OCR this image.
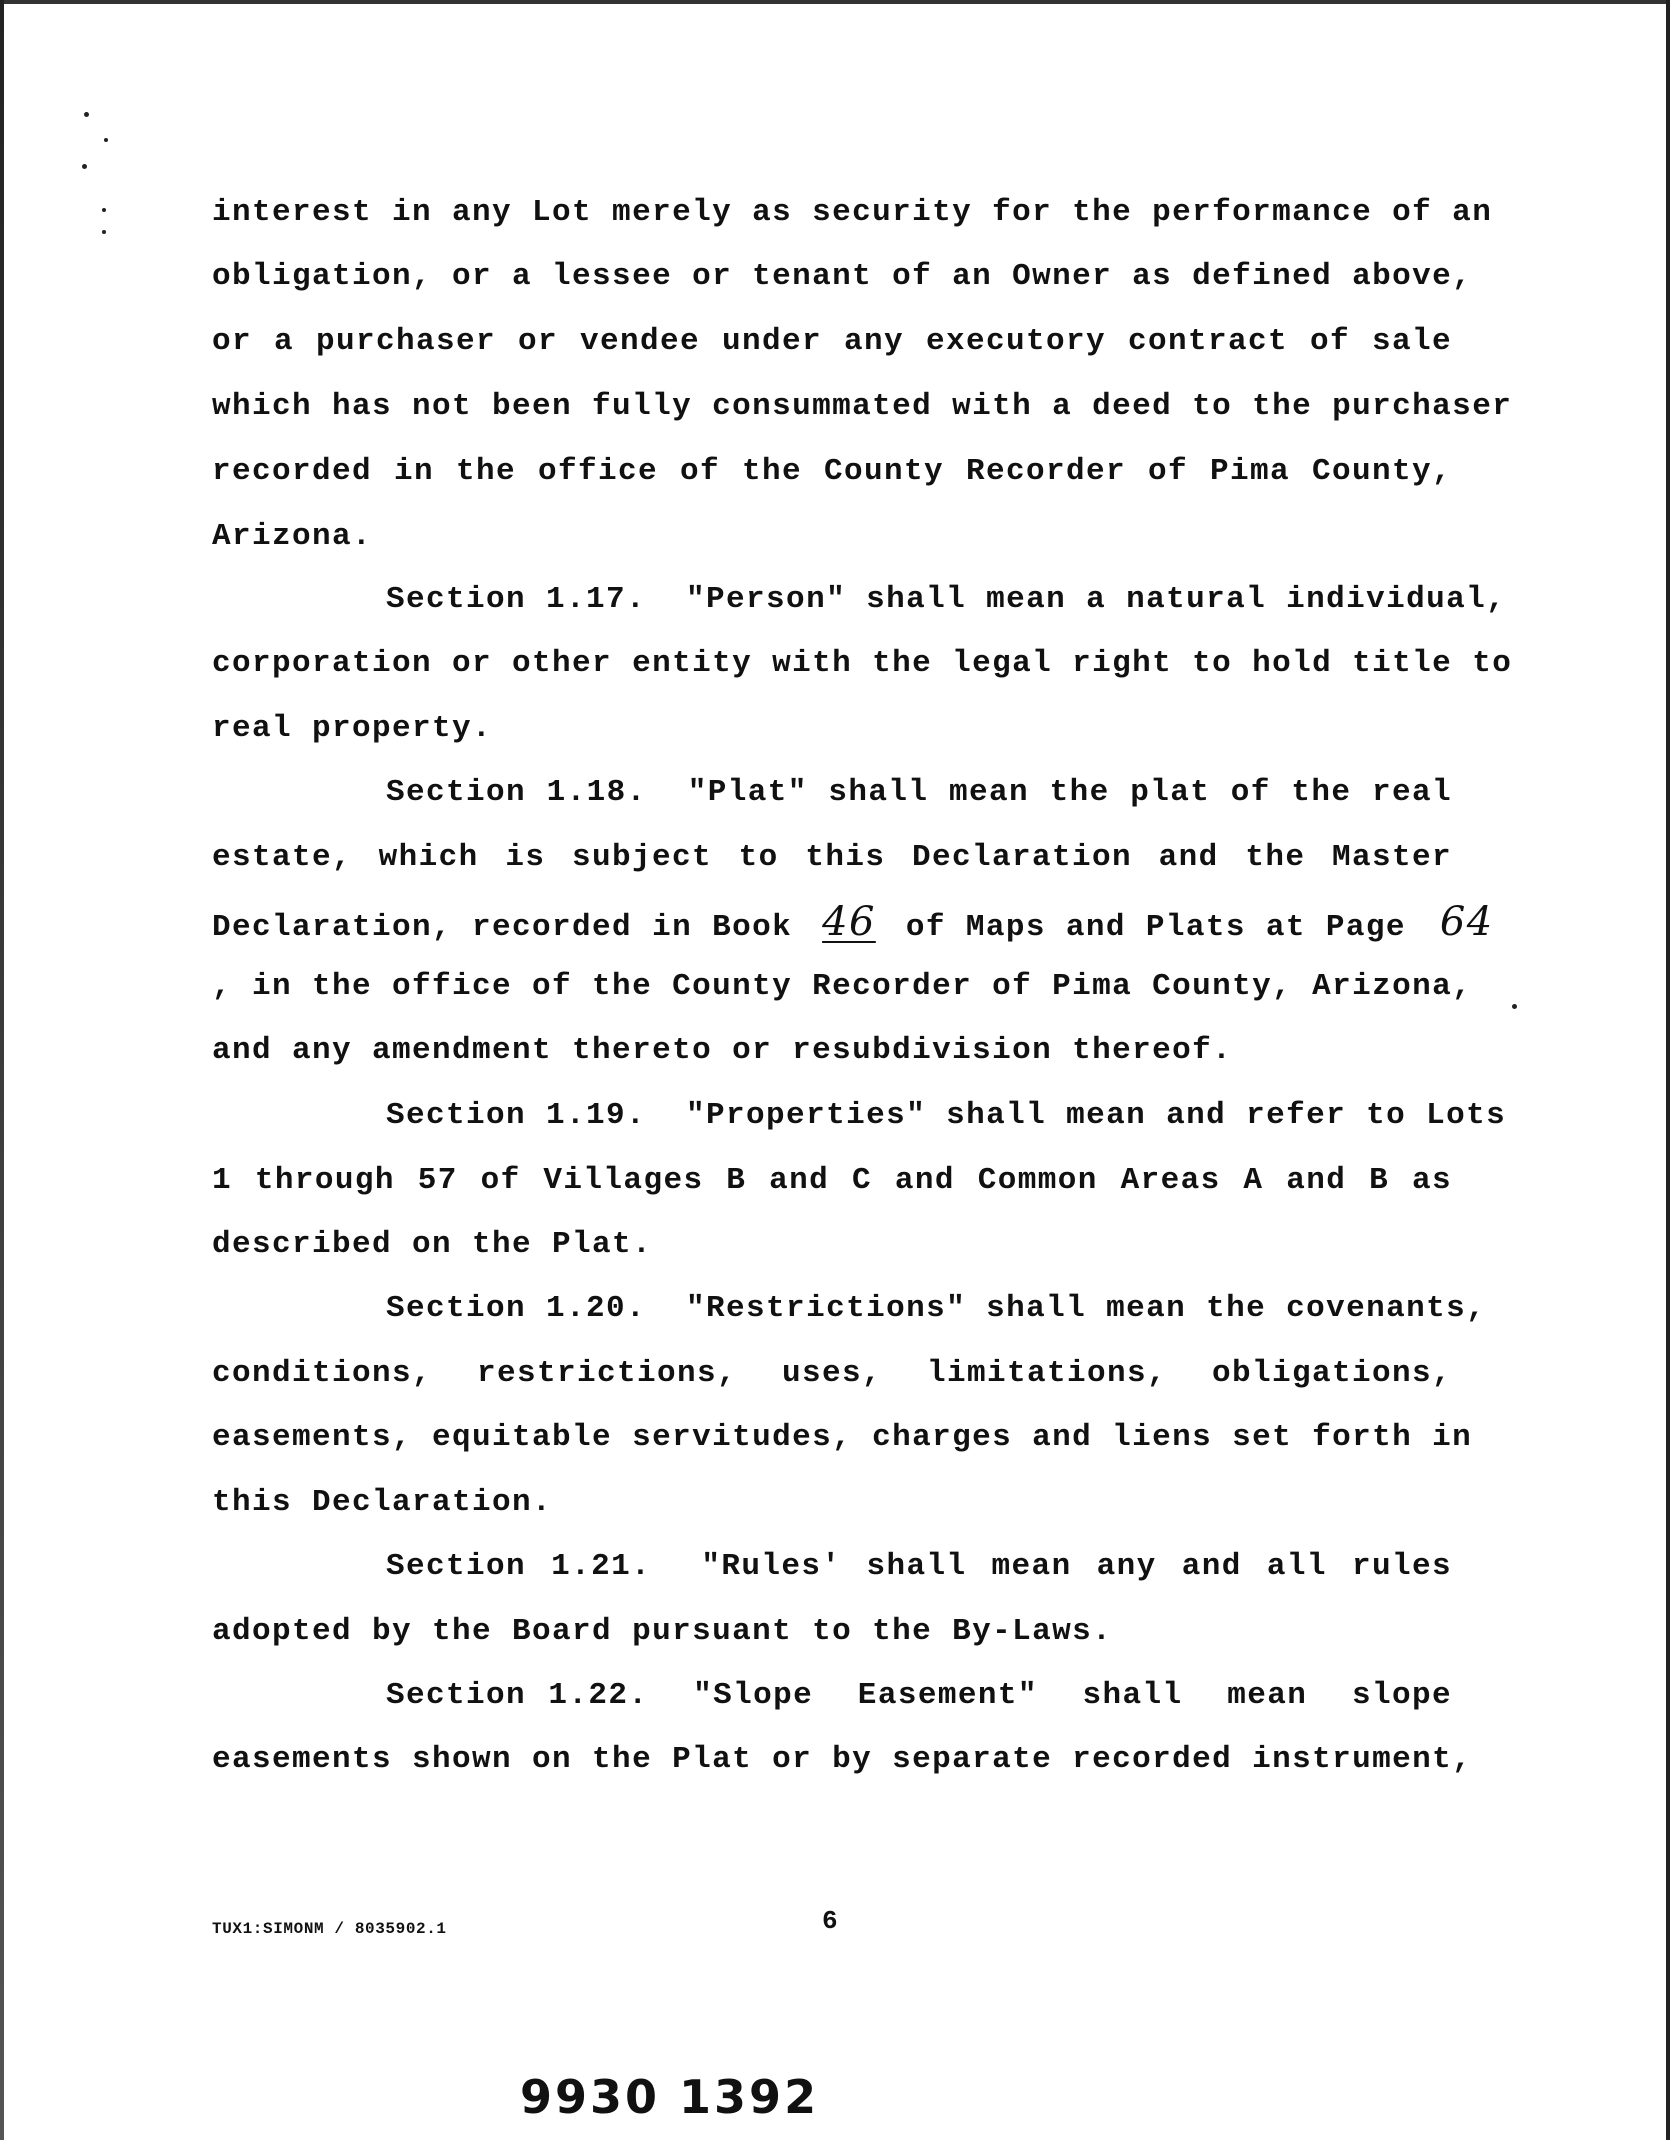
interest in any Lot merely as security for the performance of an
obligation, or a lessee or tenant of an Owner as defined above,
or a purchaser or vendee under any executory contract of sale
which has not been fully consummated with a deed to the purchaser
recorded in the office of the County Recorder of Pima County,
Arizona.
Section 1.17.  "Person" shall mean a natural individual,
corporation or other entity with the legal right to hold title to
real property.
Section 1.18.  "Plat" shall mean the plat of the real
estate, which is subject to this Declaration and the Master
Declaration, recorded in Book 46 of Maps and Plats at Page 64
, in the office of the County Recorder of Pima County, Arizona,
and any amendment thereto or resubdivision thereof.
Section 1.19.  "Properties" shall mean and refer to Lots
1 through 57 of Villages B and C and Common Areas A and B as
described on the Plat.
Section 1.20.  "Restrictions" shall mean the covenants,
conditions,  restrictions,  uses,  limitations,  obligations,
easements, equitable servitudes, charges and liens set forth in
this Declaration.
Section 1.21.  "Rules' shall mean any and all rules
adopted by the Board pursuant to the By-Laws.
Section 1.22.  "Slope  Easement"  shall  mean  slope
easements shown on the Plat or by separate recorded instrument,
TUX1:SIMONM / 8035902.1	6
9930 1392
